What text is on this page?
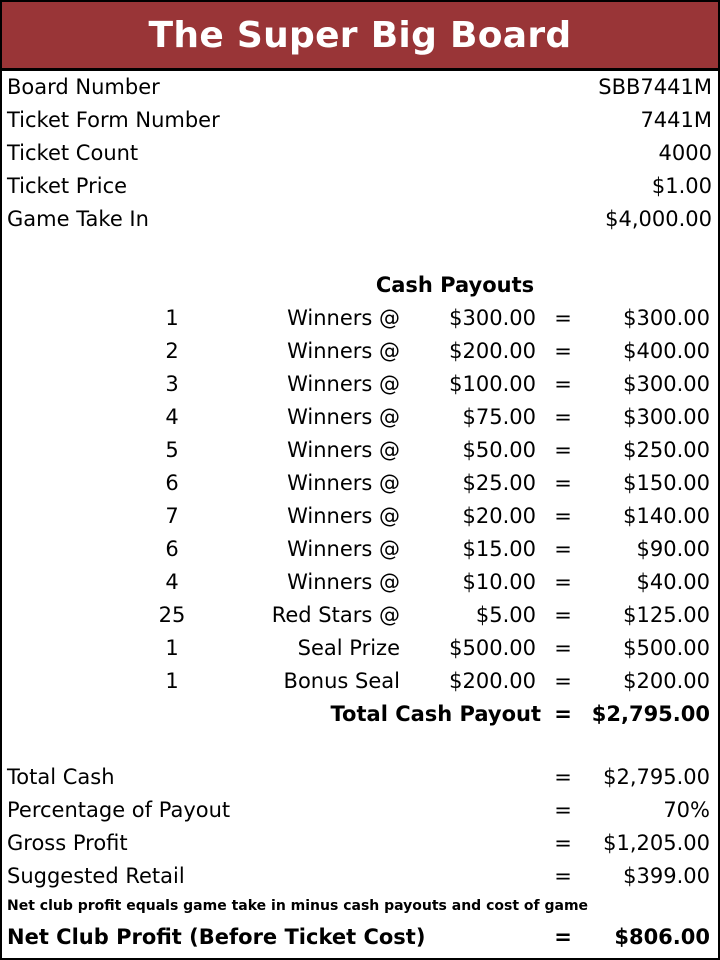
The Super Big Board
Board Number	SBB7441M
Ticket Form Number	7441M
Ticket Count	4000
Ticket Price	$1.00
Game Take In	$4,000.00
Cash Payouts
1	Winners @ $300.00 = $300.00
2	Winners @ $200.00 = $400.00
3	Winners @ $100.00 = $300.00
4	Winners @	$75.00 = $300.00
5	Winners @	$50.00 = $250.00
6	Winners @	$25.00 = $150.00
7	Winners @	$20.00 = $140.00
6	Winners @	$15.00 =	$90.00
4	Winners @	$10.00 =	$40.00
25	Red Stars @	$5.00 = $125.00
1	Seal Prize $500.00 = $500.00
1	Bonus Seal $200.00 = $200.00
Total Cash Payout = $2,795.00
Total Cash	= $2,795.00
Percentage of Payout	=	70%
Gross Profit	= $1,205.00
Suggested Retail	= $399.00
Net club profit equals game take in minus cash payouts and cost of game
Net Club Profit (Before Ticket Cost)	= $806.00
